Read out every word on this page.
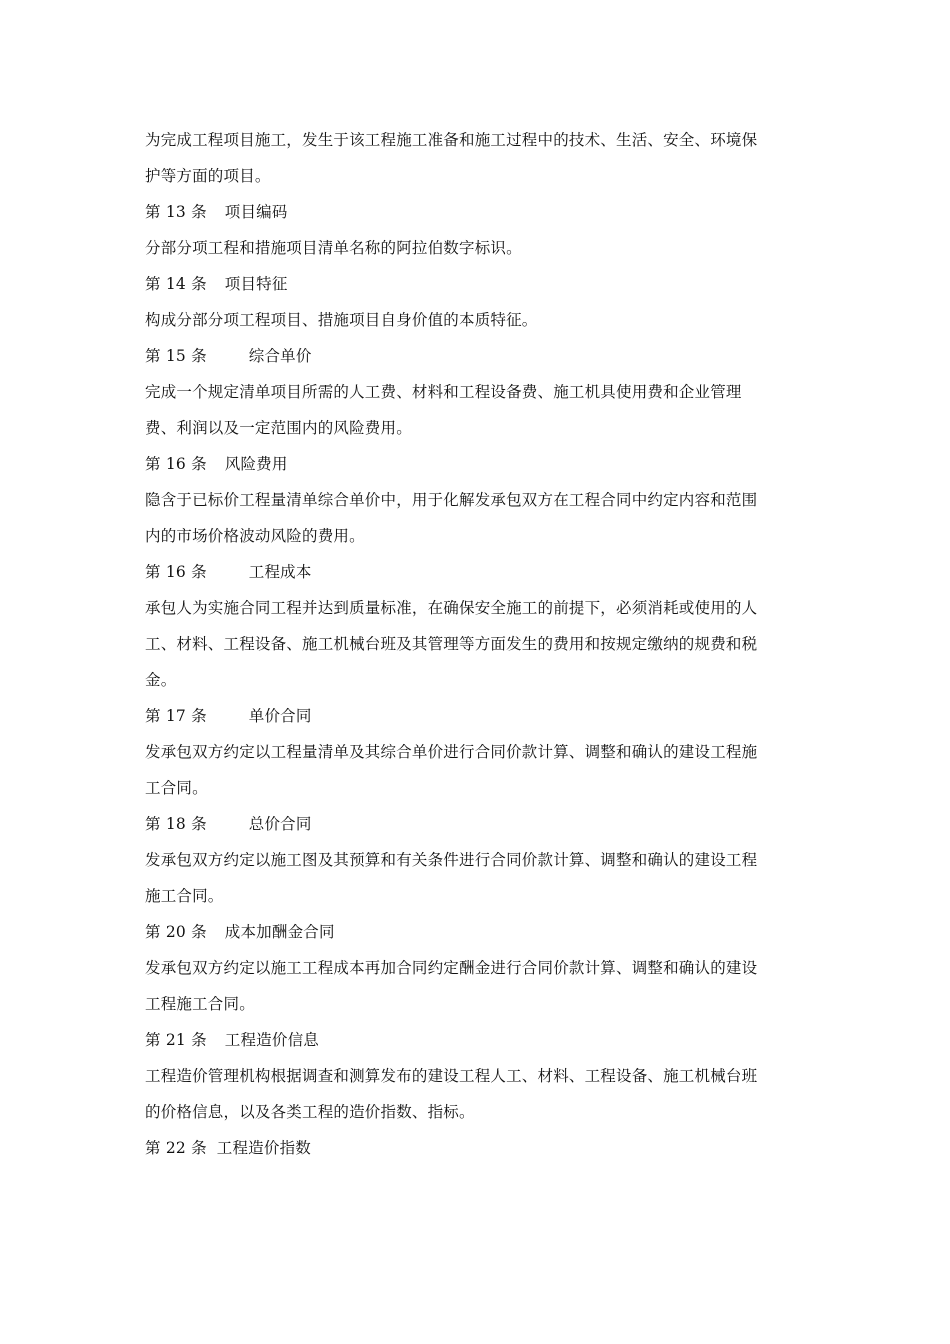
为完成工程项目施工，发生于该工程施工准备和施工过程中的技术、生活、安全、环境保
护等方面的项目。
第 13 条 项目编码
分部分项工程和措施项目清单名称的阿拉伯数字标识。
第 14 条 项目特征
构成分部分项工程项目、措施项目自身价值的本质特征。
第 15 条	综合单价
完成一个规定清单项目所需的人工费、材料和工程设备费、施工机具使用费和企业管理
费、利润以及一定范围内的风险费用。
第 16 条 风险费用
隐含于已标价工程量清单综合单价中，用于化解发承包双方在工程合同中约定内容和范围
内的市场价格波动风险的费用。
第 16 条	工程成本
承包人为实施合同工程并达到质量标准，在确保安全施工的前提下，必须消耗或使用的人
工、材料、工程设备、施工机械台班及其管理等方面发生的费用和按规定缴纳的规费和税
金。
第 17 条	单价合同
发承包双方约定以工程量清单及其综合单价进行合同价款计算、调整和确认的建设工程施
工合同。
第 18 条	总价合同
发承包双方约定以施工图及其预算和有关条件进行合同价款计算、调整和确认的建设工程
施工合同。
第 20 条 成本加酬金合同
发承包双方约定以施工工程成本再加合同约定酬金进行合同价款计算、调整和确认的建设
工程施工合同。
第 21 条 工程造价信息
工程造价管理机构根据调查和测算发布的建设工程人工、材料、工程设备、施工机械台班
的价格信息，以及各类工程的造价指数、指标。
第 22 条 工程造价指数
